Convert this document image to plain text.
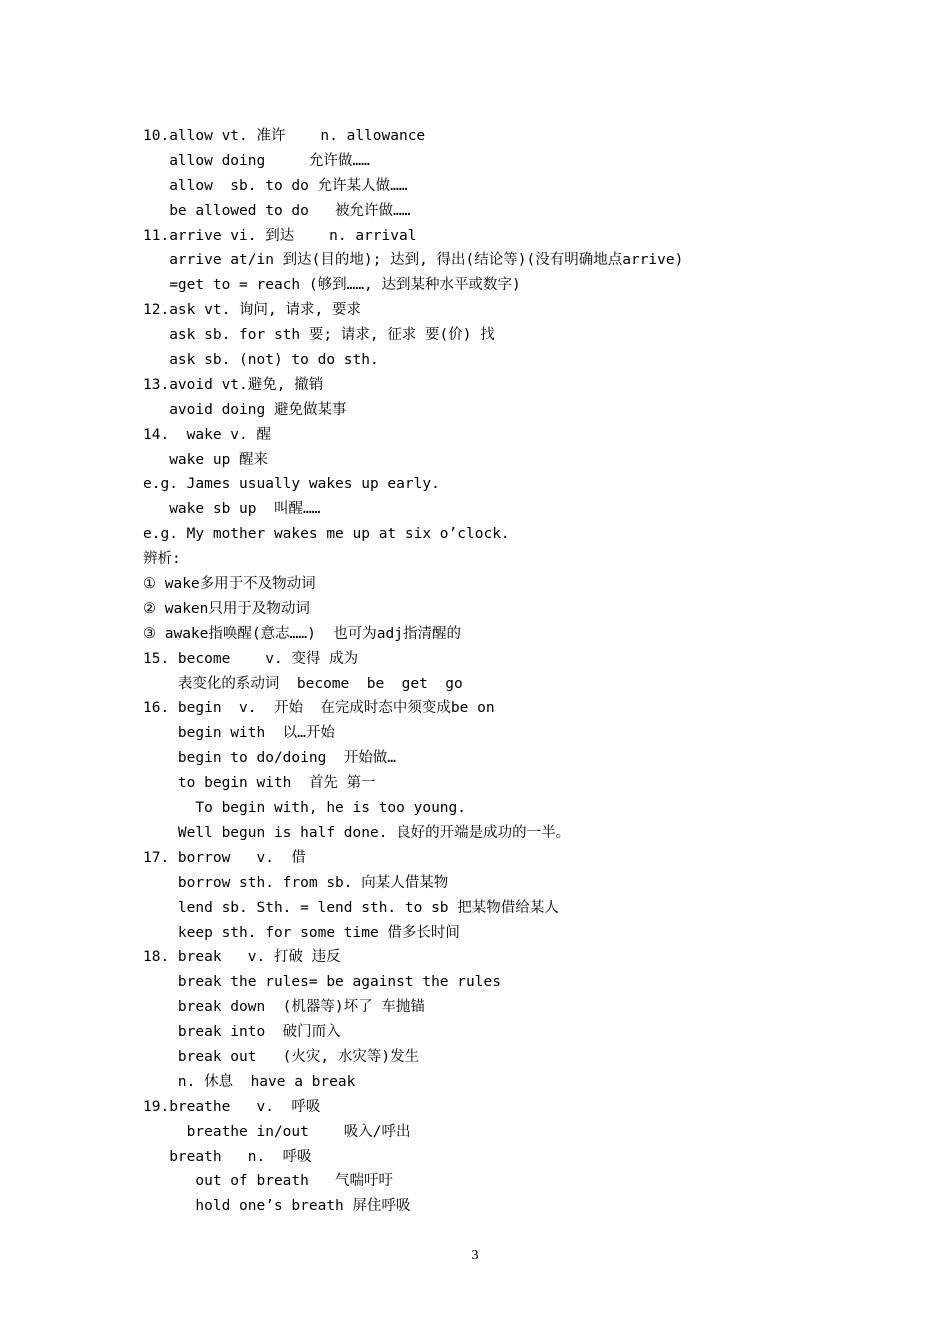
10.allow vt. 准许    n. allowance
allow doing     允许做……
allow  sb. to do 允许某人做……
be allowed to do   被允许做……
11.arrive vi. 到达    n. arrival
arrive at/in 到达(目的地); 达到, 得出(结论等)(没有明确地点arrive)
=get to = reach (够到……, 达到某种水平或数字)
12.ask vt. 询问, 请求, 要求
ask sb. for sth 要; 请求, 征求 要(价) 找
ask sb. (not) to do sth.
13.avoid vt.避免, 撤销
avoid doing 避免做某事
14.  wake v. 醒
wake up 醒来
e.g. James usually wakes up early.
wake sb up  叫醒……
e.g. My mother wakes me up at six o’clock.
辨析:
① wake多用于不及物动词
② waken只用于及物动词
③ awake指唤醒(意志……)  也可为adj指清醒的
15. become    v. 变得 成为
表变化的系动词  become  be  get  go
16. begin  v.  开始  在完成时态中须变成be on
begin with  以…开始
begin to do/doing  开始做…
to begin with  首先 第一
To begin with, he is too young.
Well begun is half done. 良好的开端是成功的一半。
17. borrow   v.  借
borrow sth. from sb. 向某人借某物
lend sb. Sth. = lend sth. to sb 把某物借给某人
keep sth. for some time 借多长时间
18. break   v. 打破 违反
break the rules= be against the rules
break down  (机器等)坏了 车抛锚
break into  破门而入
break out   (火灾, 水灾等)发生
n. 休息  have a break
19.breathe   v.  呼吸
breathe in/out    吸入/呼出
breath   n.  呼吸
out of breath   气喘吁吁
hold one’s breath 屏住呼吸
3
